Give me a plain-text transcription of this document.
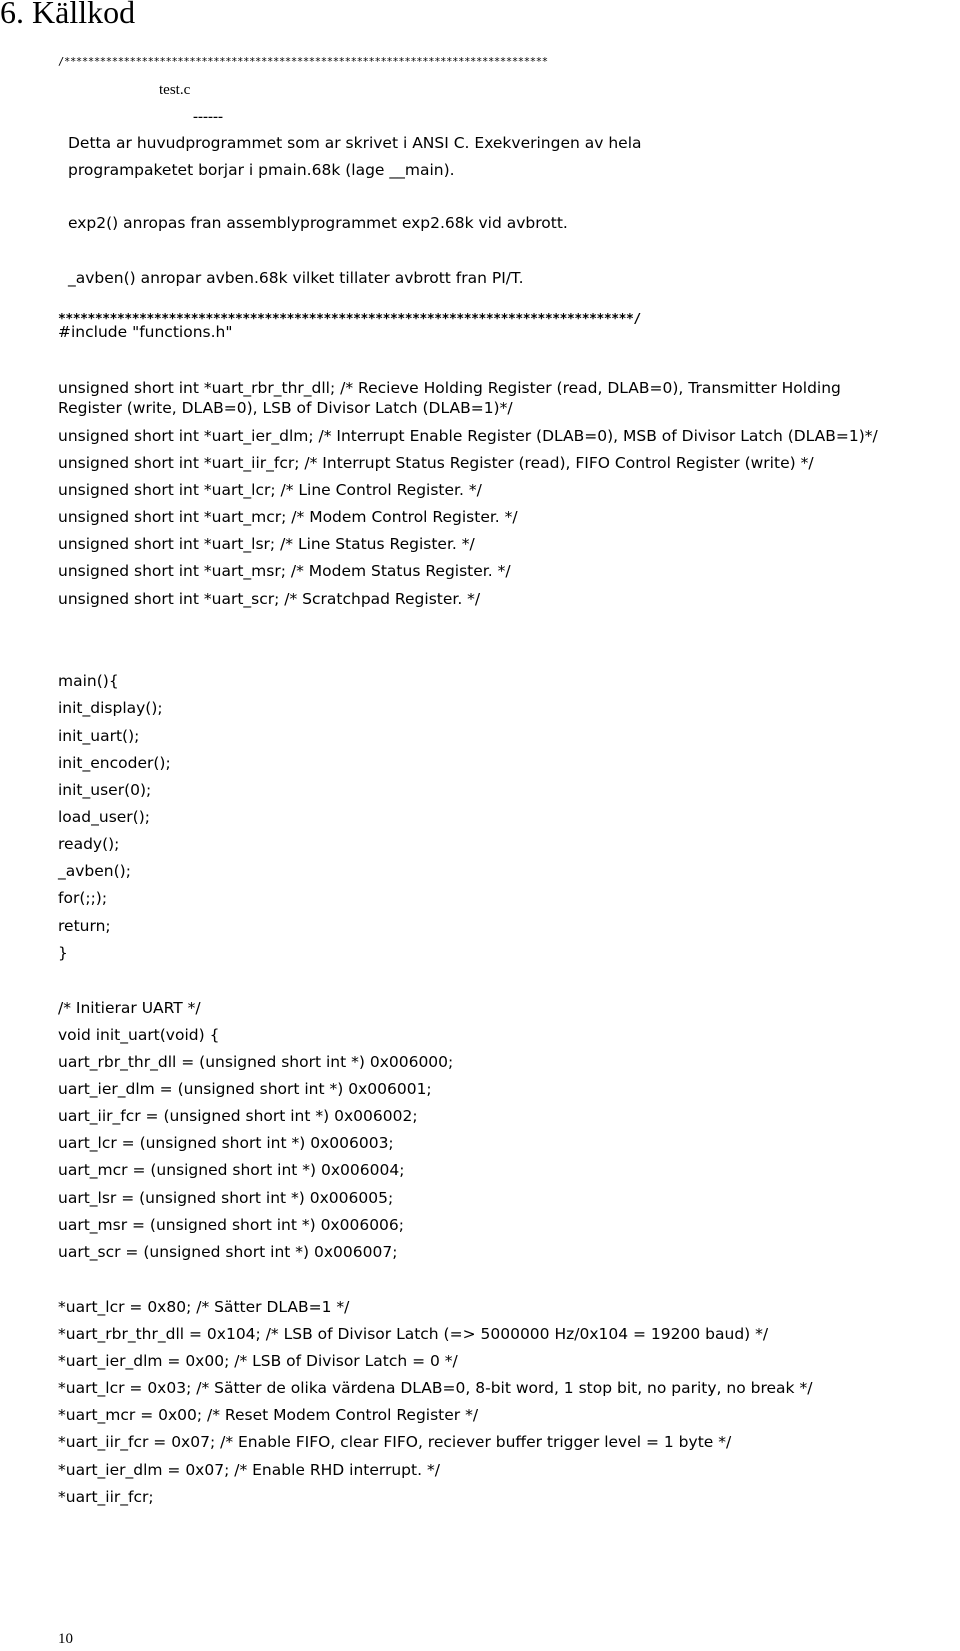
6. Källkod
/*********************************************************************************
test.c
------
Detta ar huvudprogrammet som ar skrivet i ANSI C. Exekveringen av hela
programpaketet borjar i pmain.68k (lage __main).
exp2() anropas fran assemblyprogrammet exp2.68k vid avbrott.
_avben() anropar avben.68k vilket tillater avbrott fran PI/T.
******************************************************************************/
#include "functions.h"
unsigned short int *uart_rbr_thr_dll; /* Recieve Holding Register (read, DLAB=0), Transmitter Holding
Register (write, DLAB=0), LSB of Divisor Latch (DLAB=1)*/
unsigned short int *uart_ier_dlm; /* Interrupt Enable Register (DLAB=0), MSB of Divisor Latch (DLAB=1)*/
unsigned short int *uart_iir_fcr; /* Interrupt Status Register (read), FIFO Control Register (write) */
unsigned short int *uart_lcr; /* Line Control Register. */
unsigned short int *uart_mcr; /* Modem Control Register. */
unsigned short int *uart_lsr; /* Line Status Register. */
unsigned short int *uart_msr; /* Modem Status Register. */
unsigned short int *uart_scr; /* Scratchpad Register. */
main(){
init_display();
init_uart();
init_encoder();
init_user(0);
load_user();
ready();
_avben();
for(;;);
return;
}
/* Initierar UART */
void init_uart(void) {
uart_rbr_thr_dll = (unsigned short int *) 0x006000;
uart_ier_dlm = (unsigned short int *) 0x006001;
uart_iir_fcr = (unsigned short int *) 0x006002;
uart_lcr = (unsigned short int *) 0x006003;
uart_mcr = (unsigned short int *) 0x006004;
uart_lsr = (unsigned short int *) 0x006005;
uart_msr = (unsigned short int *) 0x006006;
uart_scr = (unsigned short int *) 0x006007;
*uart_lcr = 0x80; /* Sätter DLAB=1 */
*uart_rbr_thr_dll = 0x104; /* LSB of Divisor Latch (=> 5000000 Hz/0x104 = 19200 baud) */
*uart_ier_dlm = 0x00; /* LSB of Divisor Latch = 0 */
*uart_lcr = 0x03; /* Sätter de olika värdena DLAB=0, 8-bit word, 1 stop bit, no parity, no break */
*uart_mcr = 0x00; /* Reset Modem Control Register */
*uart_iir_fcr = 0x07; /* Enable FIFO, clear FIFO, reciever buffer trigger level = 1 byte */
*uart_ier_dlm = 0x07; /* Enable RHD interrupt. */
*uart_iir_fcr;
10
